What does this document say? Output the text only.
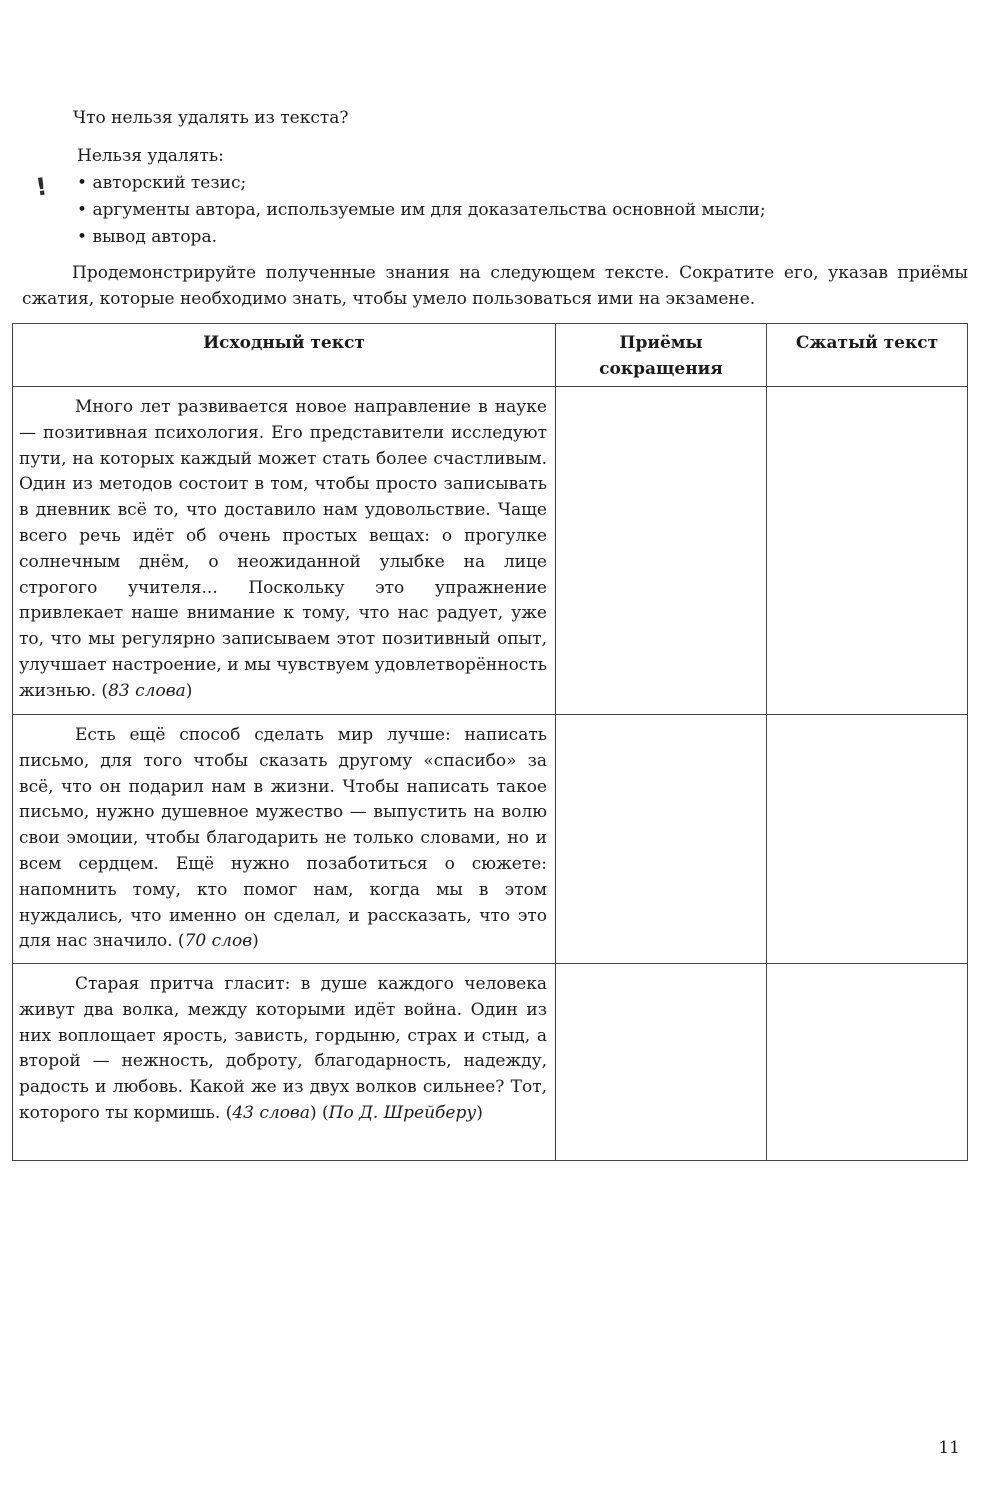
Что нельзя удалять из текста?
!
Нельзя удалять:
• авторский тезис;
• аргументы автора, используемые им для доказательства основной мысли;
• вывод автора.
Продемонстрируйте полученные знания на следующем тексте. Сократите его, указав приёмы сжатия, которые необходимо знать, чтобы умело пользоваться ими на экзамене.
Исходный текст	Приёмы сокращения	Сжатый текст
Много лет развивается новое направление в науке — позитивная психология. Его представители исследуют пути, на которых каждый может стать более счастливым. Один из методов состоит в том, чтобы просто записывать в дневник всё то, что доставило нам удовольствие. Чаще всего речь идёт об очень простых вещах: о прогулке солнечным днём, о неожиданной улыбке на лице строгого учителя... Поскольку это упражнение привлекает наше внимание к тому, что нас радует, уже то, что мы регулярно записываем этот позитивный опыт, улучшает настроение, и мы чувствуем удовлетворённость жизнью. (83 слова)		
Есть ещё способ сделать мир лучше: написать письмо, для того чтобы сказать другому «спасибо» за всё, что он подарил нам в жизни. Чтобы написать такое письмо, нужно душевное мужество — выпустить на волю свои эмоции, чтобы благодарить не только словами, но и всем сердцем. Ещё нужно позаботиться о сюжете: напомнить тому, кто помог нам, когда мы в этом нуждались, что именно он сделал, и рассказать, что это для нас значило. (70 слов)		
Старая притча гласит: в душе каждого человека живут два волка, между которыми идёт война. Один из них воплощает ярость, зависть, гордыню, страх и стыд, а второй — нежность, доброту, благодарность, надежду, радость и любовь. Какой же из двух волков сильнее? Тот, которого ты кормишь. (43 слова) (По Д. Шрейберу)		
11
